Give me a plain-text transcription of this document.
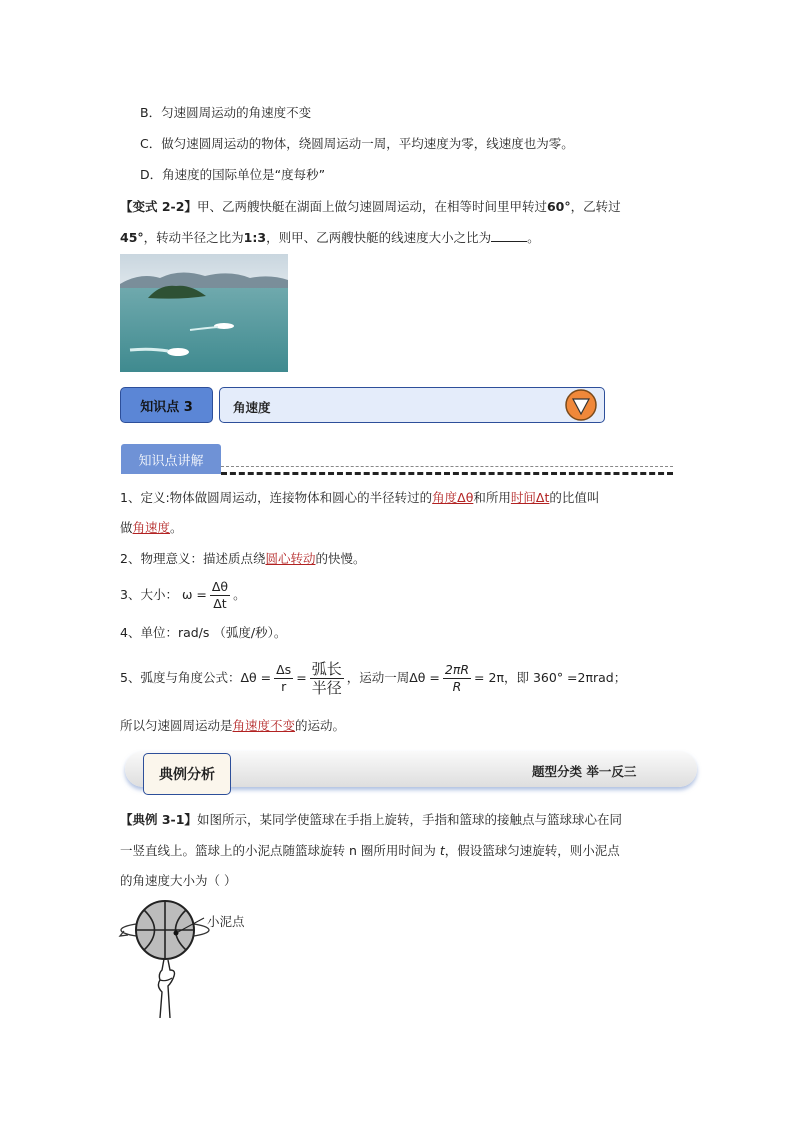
B．匀速圆周运动的角速度不变
C．做匀速圆周运动的物体，绕圆周运动一周，平均速度为零，线速度也为零。
D．角速度的国际单位是“度每秒”
【变式 2-2】甲、乙两艘快艇在湖面上做匀速圆周运动，在相等时间里甲转过60°，乙转过
45°，转动半径之比为1:3，则甲、乙两艘快艇的线速度大小之比为	。
知识点 3	角速度
知识点讲解
1、定义:物体做圆周运动，连接物体和圆心的半径转过的角度Δθ和所用时间Δt的比值叫
做角速度。
2、物理意义：描述质点绕圆心转动的快慢。
3、大小： $\omega = \frac{\Delta\theta}{\Delta t}$ 。
4、单位：rad/s （弧度/秒）。
5、弧度与角度公式： $\Delta\theta = \frac{\Delta s}{r} = \frac{\text{弧长}}{\text{半径}}$ ，运动一周 $\Delta\theta = \frac{2\pi R}{R} = 2\pi$ ，即 360° =2πrad；
所以匀速圆周运动是角速度不变的运动。
典例分析	题型分类 举一反三
【典例 3-1】如图所示，某同学使篮球在手指上旋转，手指和篮球的接触点与篮球球心在同
一竖直线上。篮球上的小泥点随篮球旋转 n 圈所用时间为 t，假设篮球匀速旋转，则小泥点
的角速度大小为（ ）
小泥点
